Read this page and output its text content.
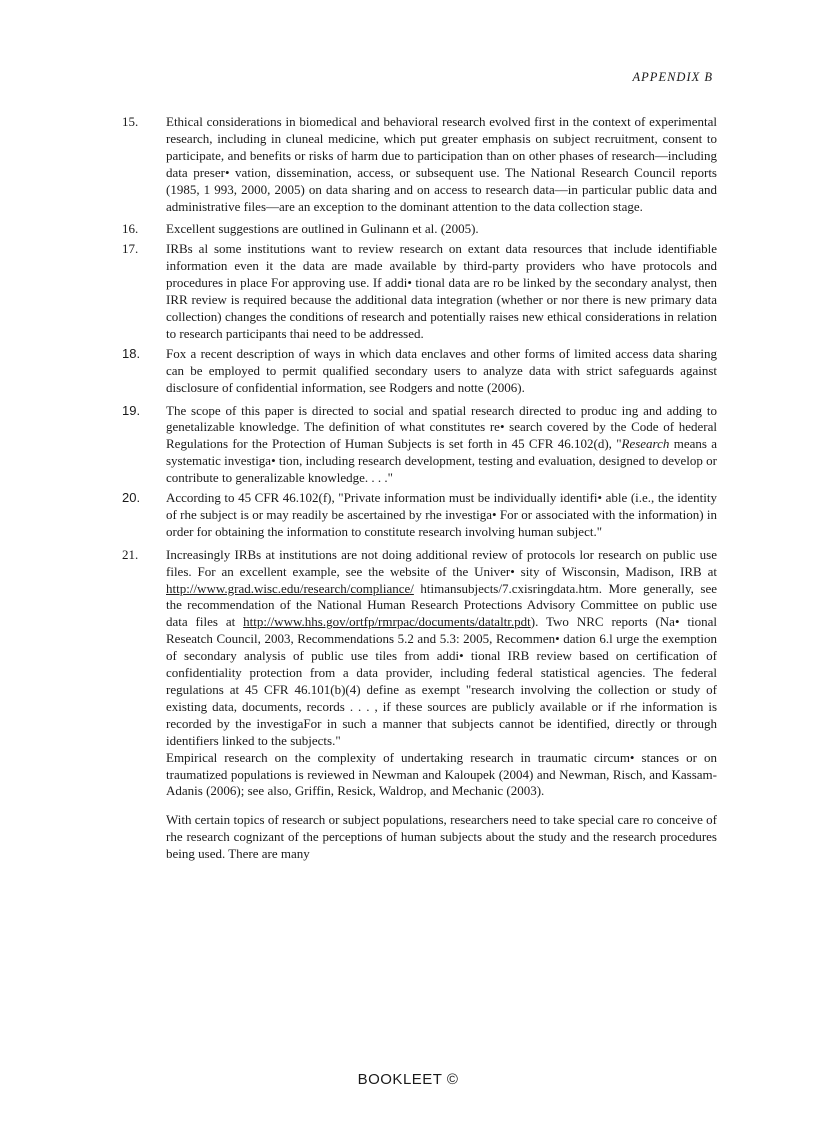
APPENDIX B
15.	Ethical considerations in biomedical and behavioral research evolved first in the context of experimental research, including in cluneal medicine, which put greater emphasis on subject recruitment, consent to participate, and benefits or risks of harm due to participation than on other phases of research—including data preser• vation, dissemination, access, or subsequent use. The National Research Council reports (1985, 1 993, 2000, 2005) on data sharing and on access to research data—in particular public data and administrative files—are an exception to the dominant attention to the data collection stage.
16.	Excellent suggestions are outlined in Gulinann et al. (2005).
17.	IRBs al some institutions want to review research on extant data resources that include identifiable information even it the data are made available by third-party providers who have protocols and procedures in place For approving use. If addi• tional data are ro be linked by the secondary analyst, then IRR review is required because the additional data integration (whether or nor there is new primary data collection) changes the conditions of research and potentially raises new ethical considerations in relation to research participants thai need to be addressed.
18.	Fox a recent description of ways in which data enclaves and other forms of limited access data sharing can be employed to permit qualified secondary users to analyze data with strict safeguards against disclosure of confidential information, see Rodgers and notte (2006).
19.	The scope of this paper is directed to social and spatial research directed to produc ing and adding to genetalizable knowledge. The definition of what constitutes re• search covered by the Code of hederal Regulations for the Protection of Human Subjects is set forth in 45 CFR 46.102(d), "Research means a systematic investiga• tion, including research development, testing and evaluation, designed to develop or contribute to generalizable knowledge. . . ."
20.	According to 45 CFR 46.102(f), "Private information must be individually identifi• able (i.e., the identity of rhe subject is or may readily be ascertained by rhe investiga• For or associated with the information) in order for obtaining the information to constitute research involving human subject."
21.	Increasingly IRBs at institutions are not doing additional review of protocols lor research on public use files. For an excellent example, see the website of the Univer• sity of Wisconsin, Madison, IRB at http://www.grad.wisc.edu/research/compliance/ htimansubjects/7.cxisringdata.htm. More generally, see the recommendation of the National Human Research Protections Advisory Committee on public use data files at http://www.hhs.gov/ortfp/rmrpac/documents/dataltr.pdt). Two NRC reports (Na• tional Reseatch Council, 2003, Recommendations 5.2 and 5.3: 2005, Recommen• dation 6.l urge the exemption of secondary analysis of public use tiles from addi• tional IRB review based on certification of confidentiality protection from a data provider, including federal statistical agencies. The federal regulations at 45 CFR 46.101(b)(4) define as exempt "research involving the collection or study of existing data, documents, records . . . , if these sources are publicly available or if rhe information is recorded by the investigaFor in such a manner that subjects cannot be identified, directly or through identifiers linked to the subjects."
Empirical research on the complexity of undertaking research in traumatic circum• stances or on traumatized populations is reviewed in Newman and Kaloupek (2004) and Newman, Risch, and Kassam-Adanis (2006); see also, Griffin, Resick, Waldrop, and Mechanic (2003).
With certain topics of research or subject populations, researchers need to take special care ro conceive of rhe research cognizant of the perceptions of human subjects about the study and the research procedures being used. There are many
BOOKLEET ©
